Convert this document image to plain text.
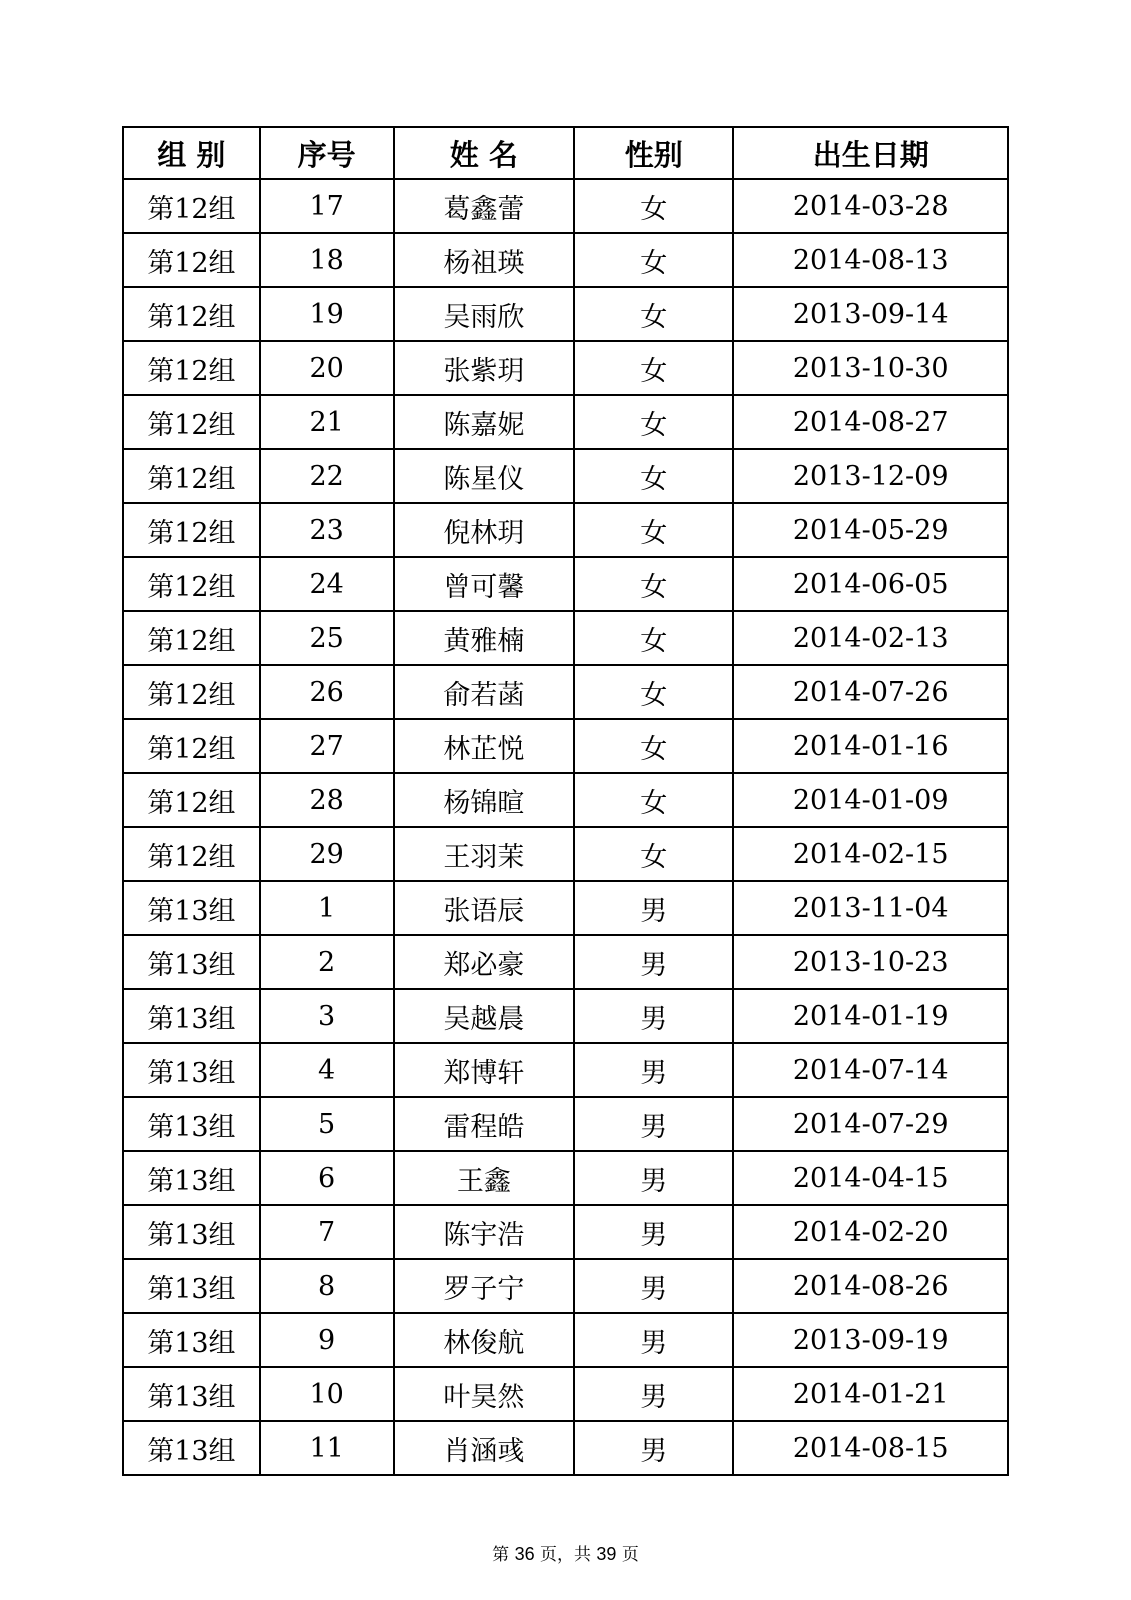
组 别	序号	姓 名	性别	出生日期
第12组	17	葛鑫蕾	女	2014-03-28
第12组	18	杨祖瑛	女	2014-08-13
第12组	19	吴雨欣	女	2013-09-14
第12组	20	张紫玥	女	2013-10-30
第12组	21	陈嘉妮	女	2014-08-27
第12组	22	陈星仪	女	2013-12-09
第12组	23	倪林玥	女	2014-05-29
第12组	24	曾可馨	女	2014-06-05
第12组	25	黄雅楠	女	2014-02-13
第12组	26	俞若菡	女	2014-07-26
第12组	27	林芷悦	女	2014-01-16
第12组	28	杨锦暄	女	2014-01-09
第12组	29	王羽茉	女	2014-02-15
第13组	1	张语辰	男	2013-11-04
第13组	2	郑必豪	男	2013-10-23
第13组	3	吴越晨	男	2014-01-19
第13组	4	郑博轩	男	2014-07-14
第13组	5	雷程皓	男	2014-07-29
第13组	6	王鑫	男	2014-04-15
第13组	7	陈宇浩	男	2014-02-20
第13组	8	罗子宁	男	2014-08-26
第13组	9	林俊航	男	2013-09-19
第13组	10	叶昊然	男	2014-01-21
第13组	11	肖涵彧	男	2014-08-15
第 36 页，共 39 页
